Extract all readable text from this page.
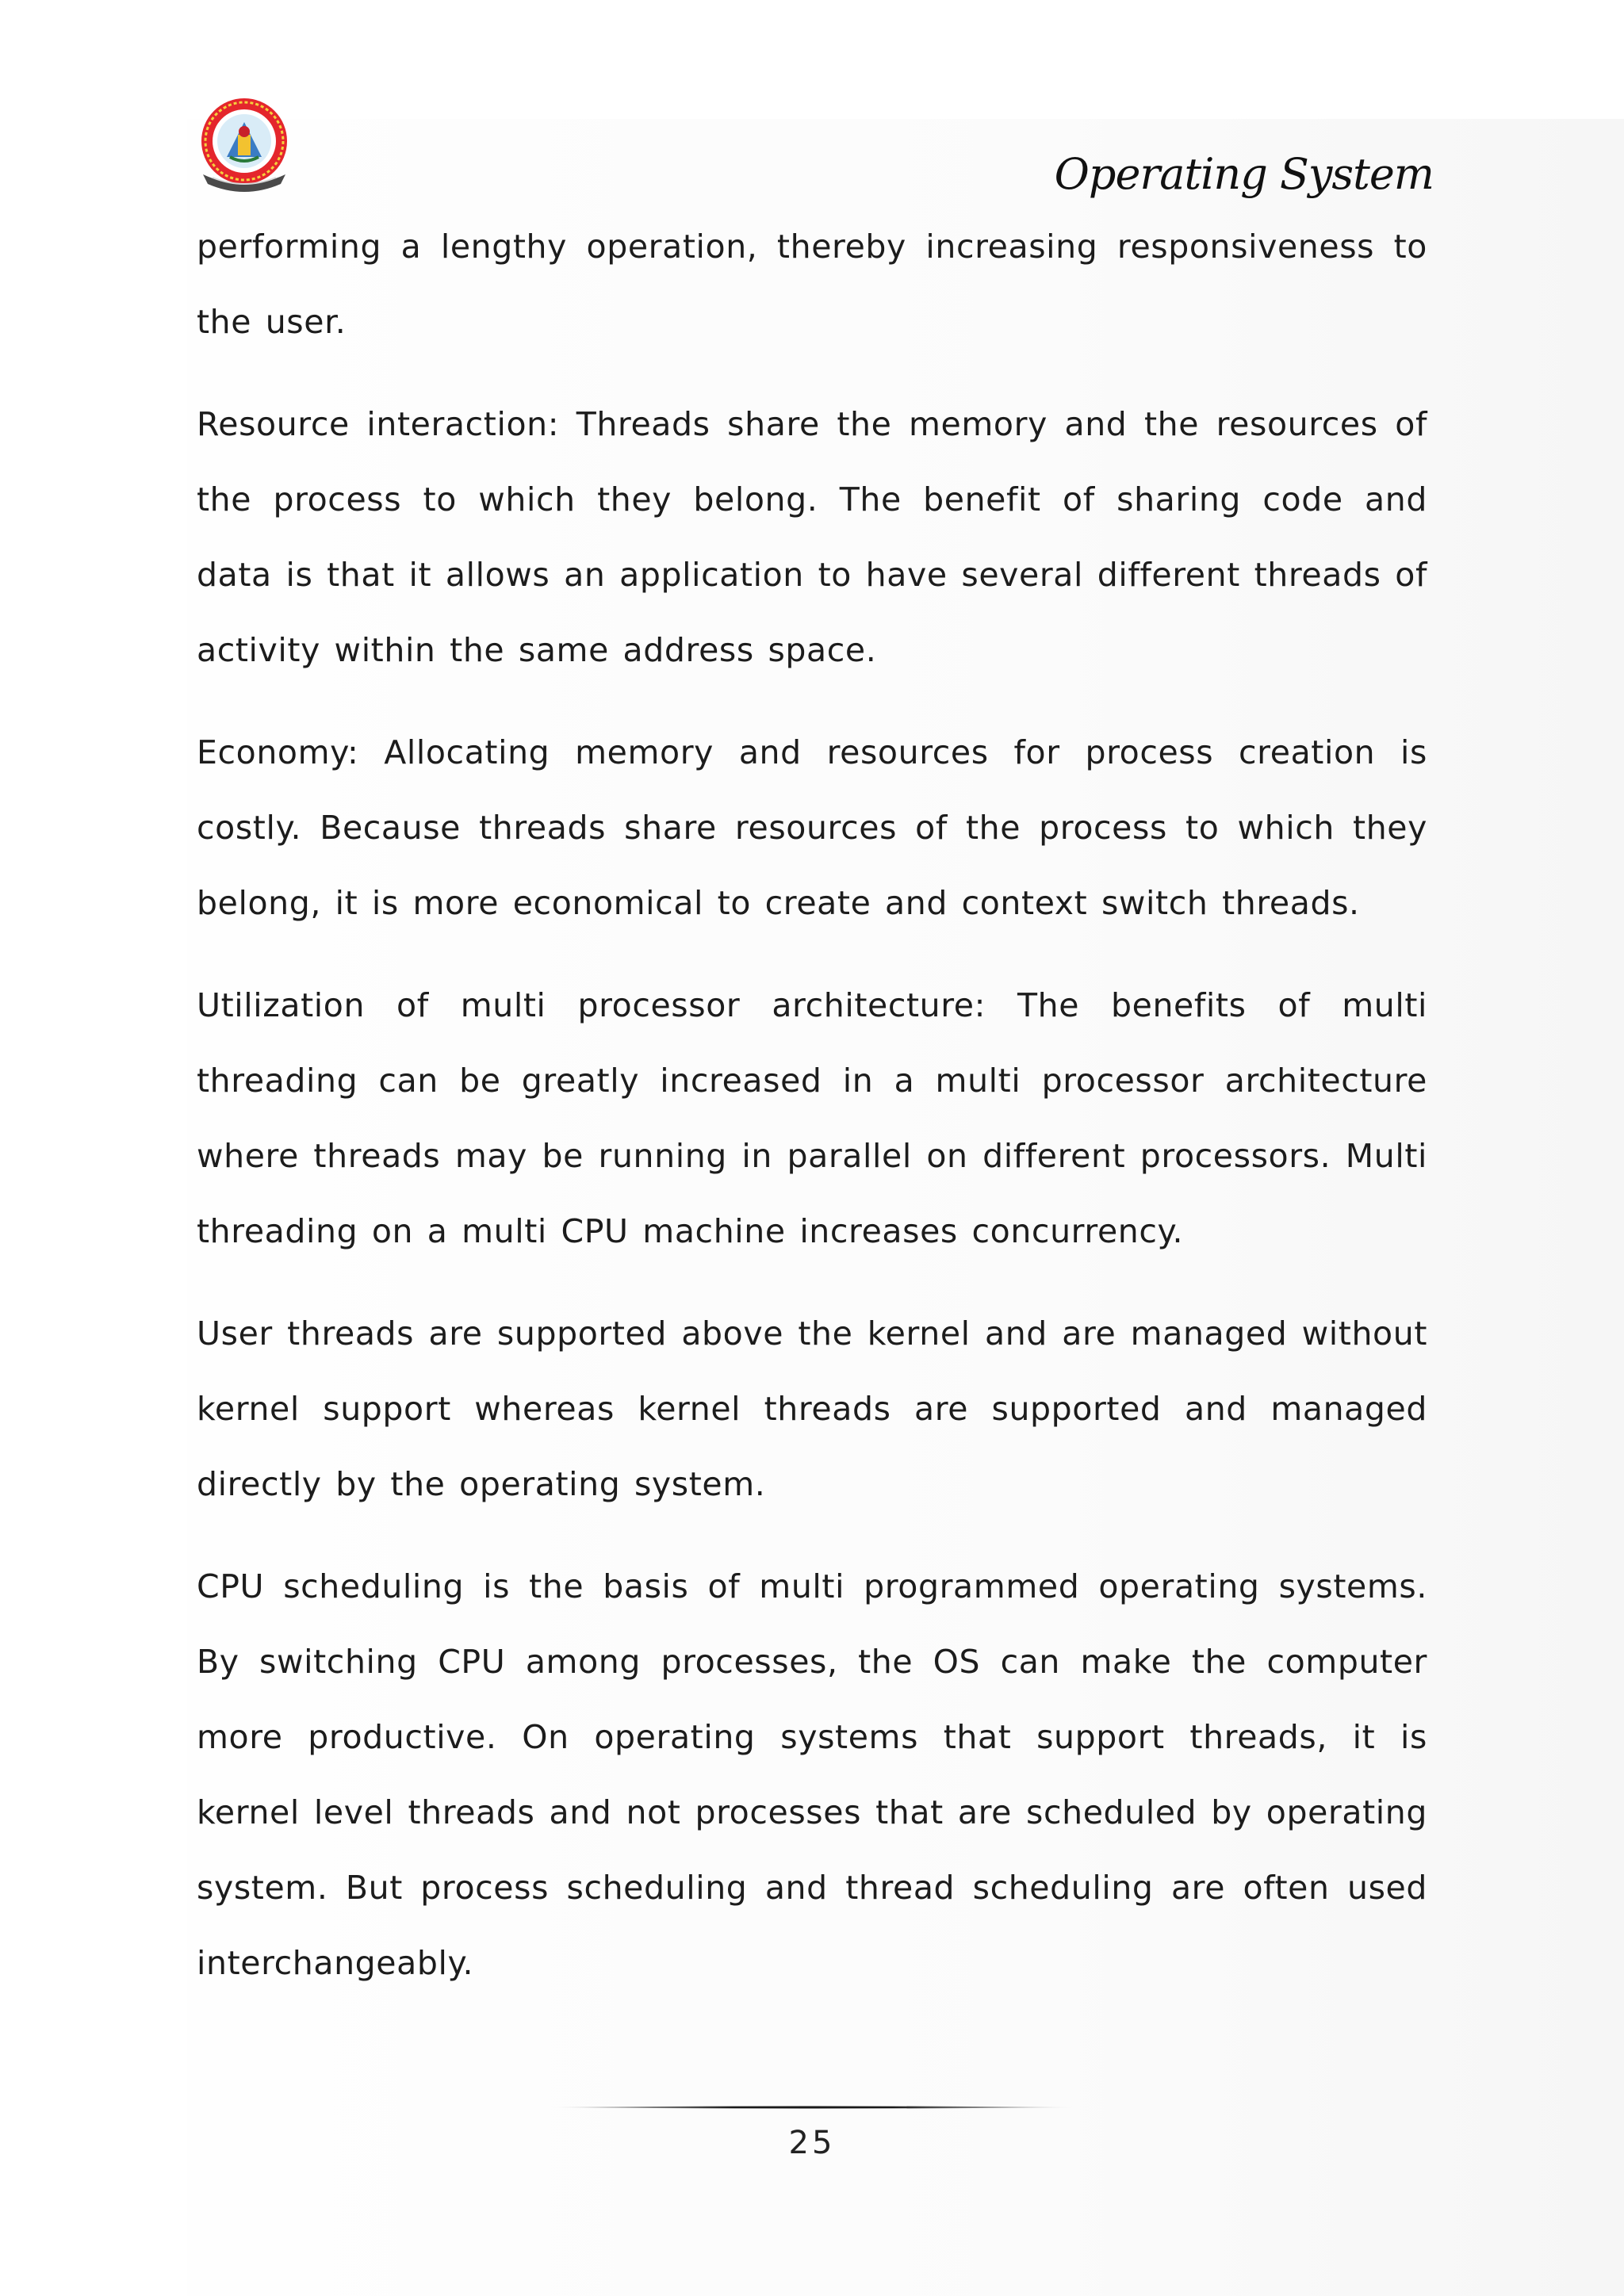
Operating System

performing a lengthy operation, thereby increasing responsiveness to the user.

Resource interaction: Threads share the memory and the resources of the process to which they belong. The benefit of sharing code and data is that it allows an application to have several different threads of activity within the same address space.

Economy: Allocating memory and resources for process creation is costly. Because threads share resources of the process to which they belong, it is more economical to create and context switch threads.

Utilization of multi processor architecture: The benefits of multi threading can be greatly increased in a multi processor architecture where threads may be running in parallel on different processors. Multi threading on a multi CPU machine increases concurrency.

User threads are supported above the kernel and are managed without kernel support whereas kernel threads are supported and managed directly by the operating system.

CPU scheduling is the basis of multi programmed operating systems. By switching CPU among processes, the OS can make the computer more productive. On operating systems that support threads, it is kernel level threads and not processes that are scheduled by operating system. But process scheduling and thread scheduling are often used interchangeably.

25
